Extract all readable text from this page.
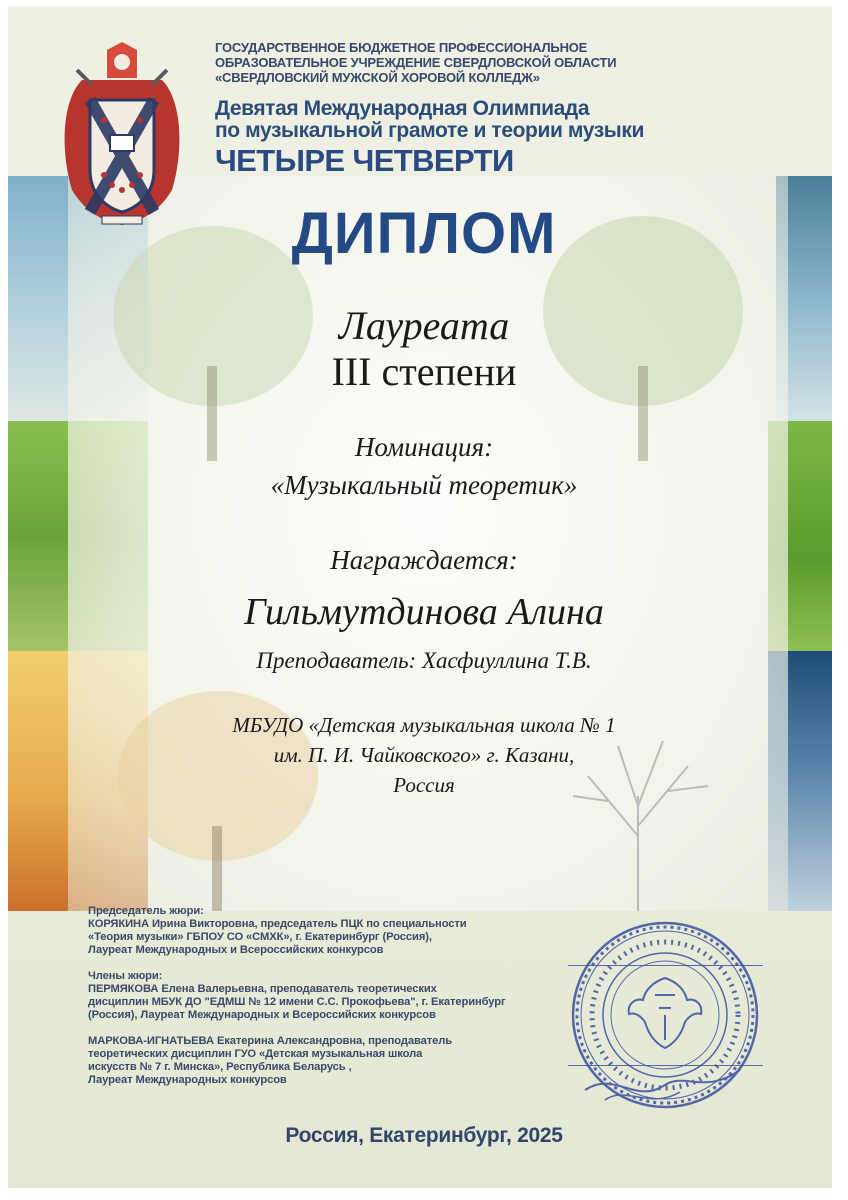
ГОСУДАРСТВЕННОЕ БЮДЖЕТНОЕ ПРОФЕССИОНАЛЬНОЕ
ОБРАЗОВАТЕЛЬНОЕ УЧРЕЖДЕНИЕ СВЕРДЛОВСКОЙ ОБЛАСТИ
«СВЕРДЛОВСКИЙ МУЖСКОЙ ХОРОВОЙ КОЛЛЕДЖ»
Девятая Международная Олимпиада
по музыкальной грамоте и теории музыки
ЧЕТЫРЕ ЧЕТВЕРТИ
ДИПЛОМ
Лауреата
III степени
Номинация:
«Музыкальный теоретик»
Награждается:
Гильмутдинова Алина
Преподаватель: Хасфиуллина Т.В.
МБУДО «Детская музыкальная школа № 1
им. П. И. Чайковского» г. Казани,
Россия
Председатель жюри:
КОРЯКИНА Ирина Викторовна, председатель ПЦК по специальности
«Теория музыки» ГБПОУ СО «СМХК», г. Екатеринбург (Россия),
Лауреат Международных и Всероссийских конкурсов
Члены жюри:
ПЕРМЯКОВА Елена Валерьевна, преподаватель теоретических
дисциплин МБУК ДО "ЕДМШ № 12 имени С.С. Прокофьева", г. Екатеринбург
(Россия), Лауреат Международных и Всероссийских конкурсов
МАРКОВА-ИГНАТЬЕВА Екатерина Александровна, преподаватель
теоретических дисциплин ГУО «Детская музыкальная школа
искусств № 7 г. Минска», Республика Беларусь ,
Лауреат Международных конкурсов
Россия, Екатеринбург, 2025
